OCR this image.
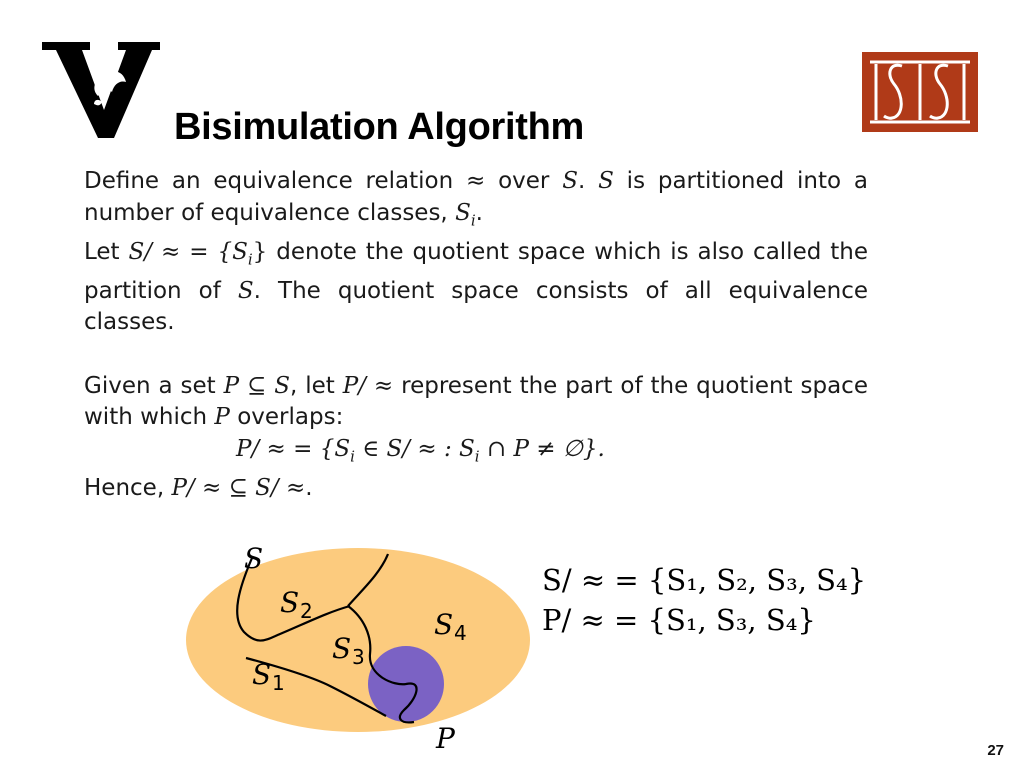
Bisimulation Algorithm

Define an equivalence relation ≈ over S. S is partitioned into a number of equivalence classes, $S_i$.

Let S/ ≈ = $\{S_i\}$ denote the quotient space which is also called the partition of S. The quotient space consists of all equivalence classes.

Given a set P ⊆ S, let P/ ≈ represent the part of the quotient space with which P overlaps:

P/ ≈ = {$S_i$ ∈ S/ ≈ : $S_i$ ∩ P ≠ ∅}.

Hence, P/ ≈ ⊆ S/ ≈.

S
S 2	S 4
S 3
S 1
P
S/ ≈ = {S₁, S₂, S₃, S₄}
P/ ≈ = {S₁, S₃, S₄}
27
